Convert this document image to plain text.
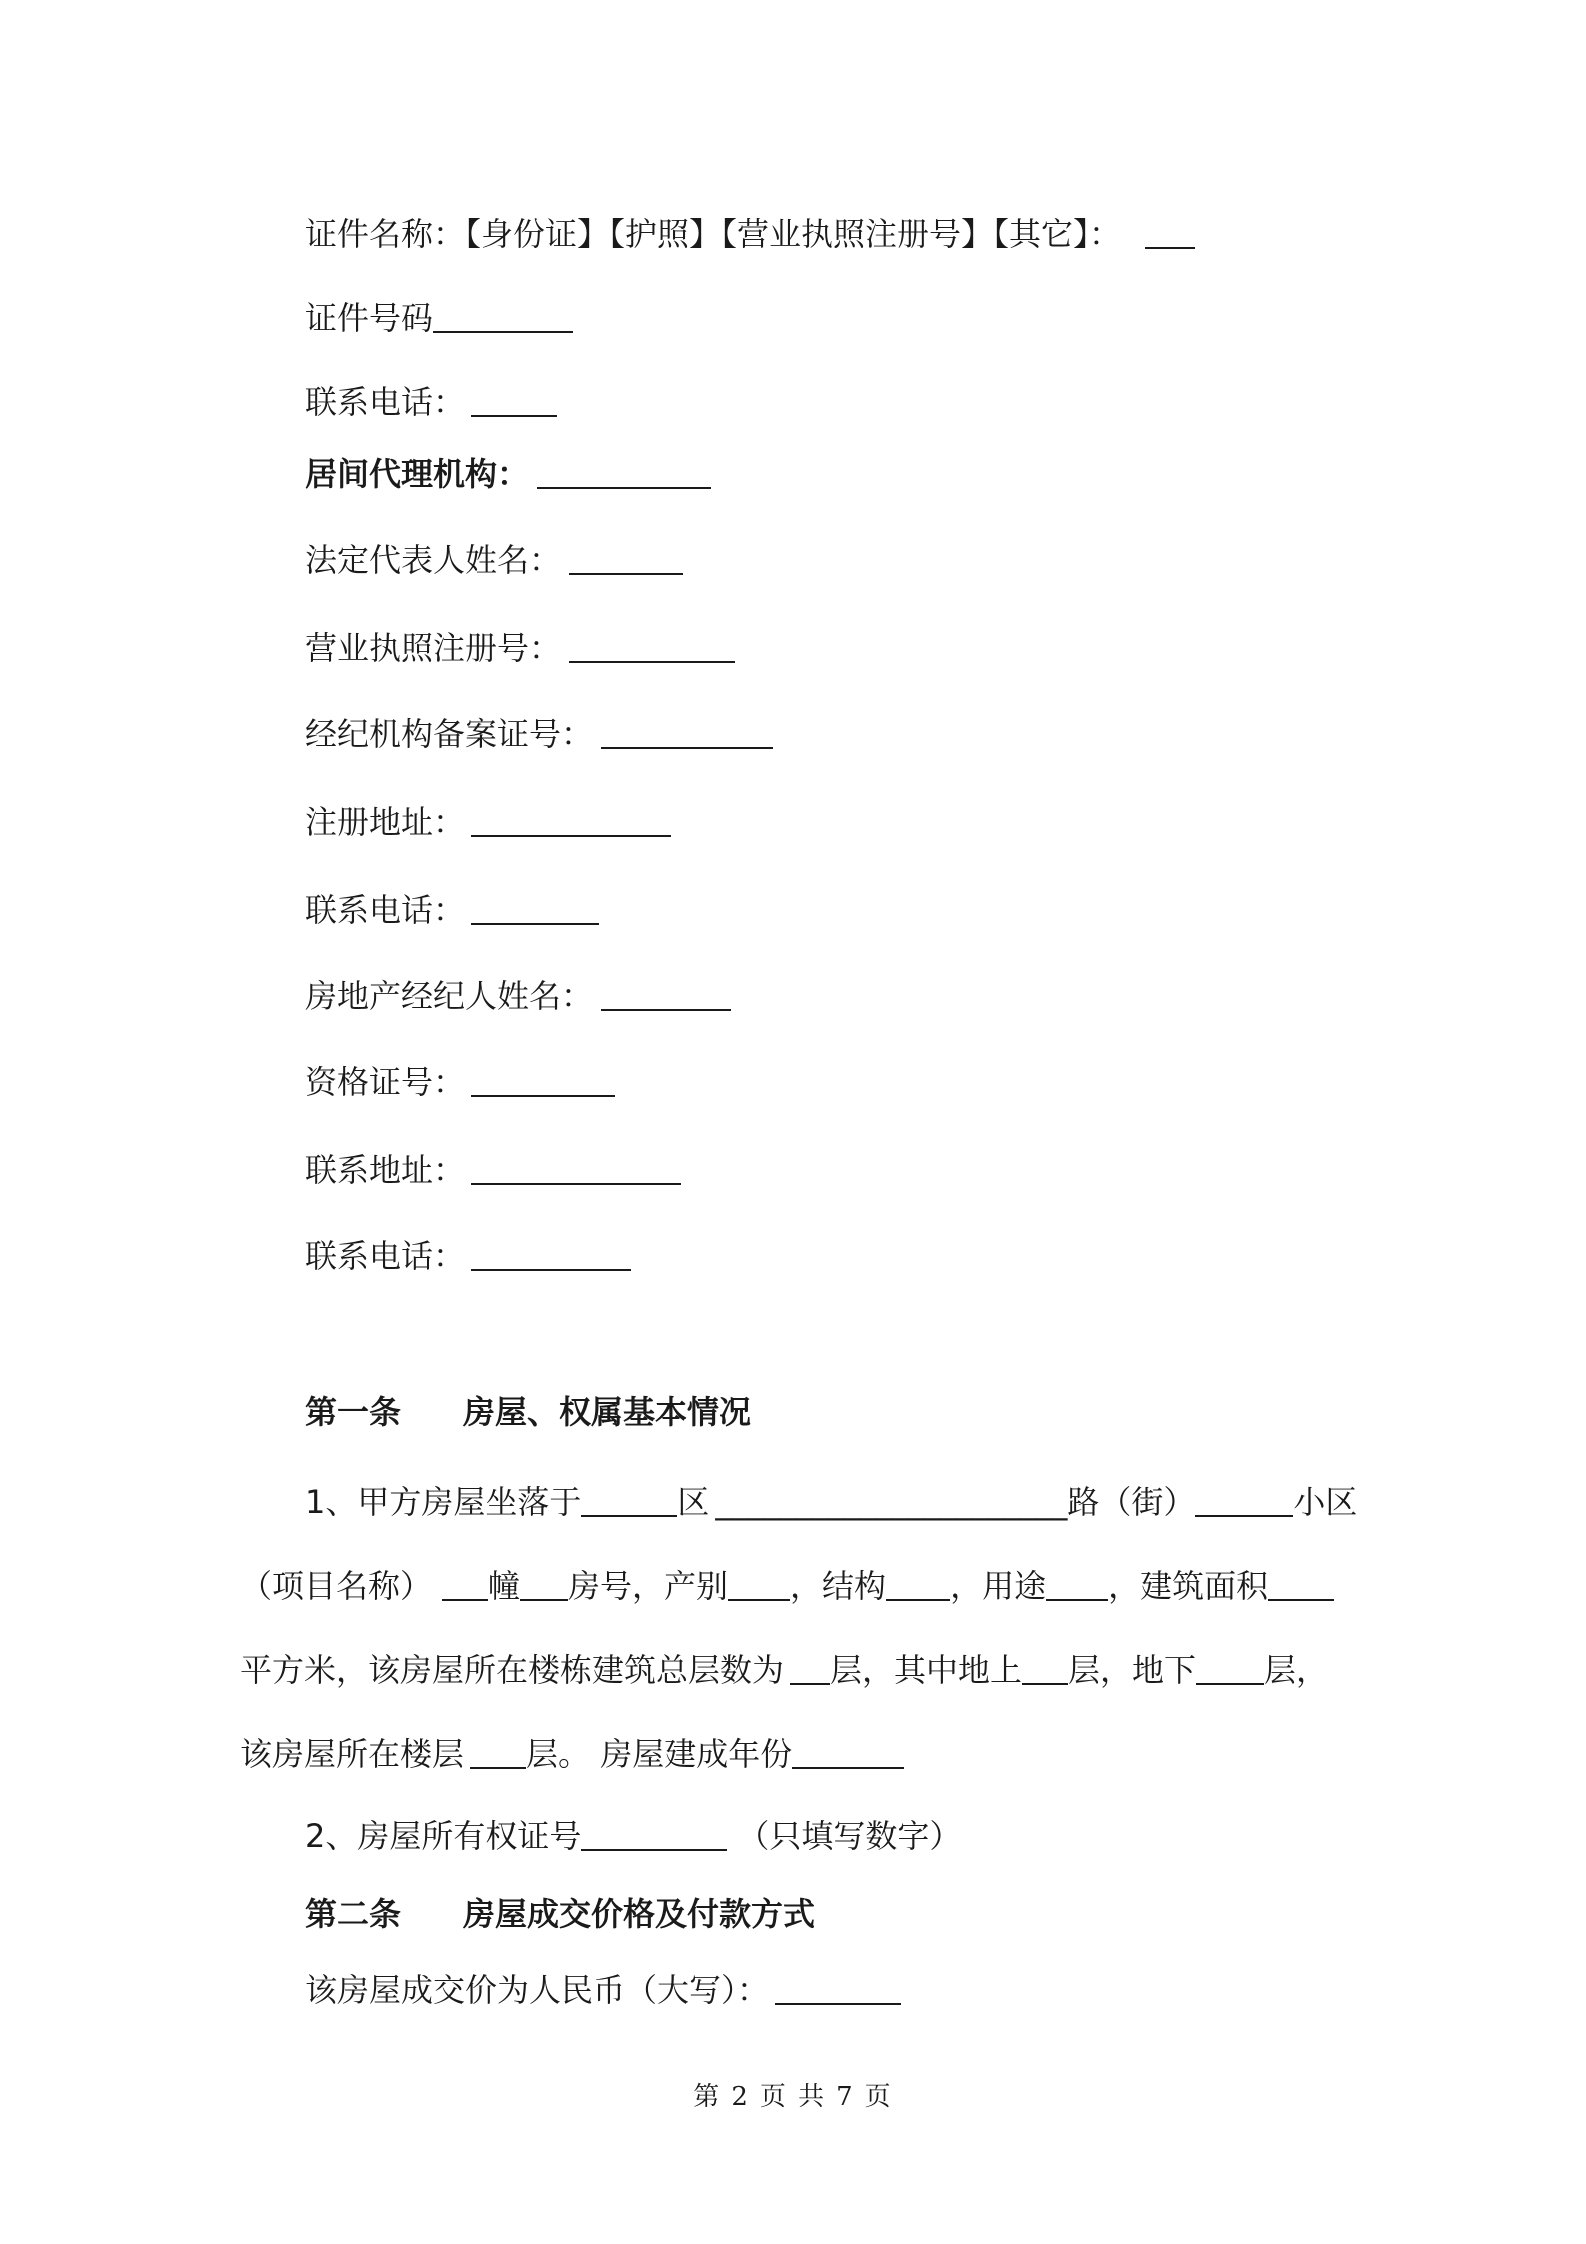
证件名称：【身份证】【护照】【营业执照注册号】【其它】：
证件号码
联系电话：
居间代理机构：
法定代表人姓名：
营业执照注册号：
经纪机构备案证号：
注册地址：
联系电话：
房地产经纪人姓名：
资格证号：
联系地址：
联系电话：
第一条 房屋、权属基本情况
1、甲方房屋坐落于	区 ______________________路（街）	小区
（项目名称） 幢 房号，产别 ，结构 ，用途 ，建筑面积
平方米，该房屋所在楼栋建筑总层数为 层，其中地上 层，地下 层，
该房屋所在楼层 层。 房屋建成年份
2、房屋所有权证号	（只填写数字）
第二条 房屋成交价格及付款方式
该房屋成交价为人民币（大写）：
第 2 页 共 7 页
